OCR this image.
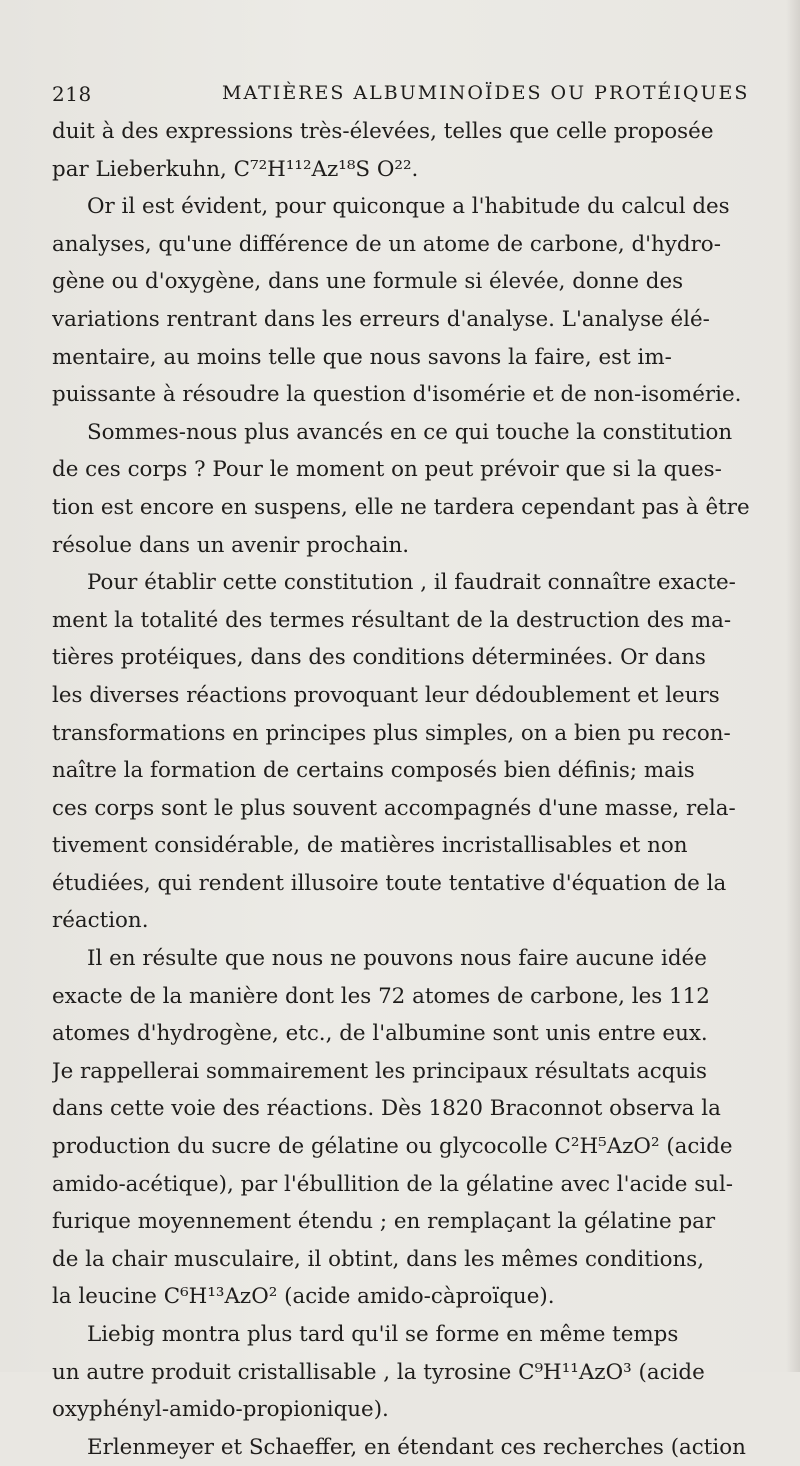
218	MATIÈRES ALBUMINOÏDES OU PROTÉIQUES
duit à des expressions très-élevées, telles que celle proposée
par Lieberkuhn, C⁷²H¹¹²Az¹⁸S O²².
Or il est évident, pour quiconque a l'habitude du calcul des
analyses, qu'une différence de un atome de carbone, d'hydro-
gène ou d'oxygène, dans une formule si élevée, donne des
variations rentrant dans les erreurs d'analyse. L'analyse élé-
mentaire, au moins telle que nous savons la faire, est im-
puissante à résoudre la question d'isomérie et de non-isomérie.
Sommes-nous plus avancés en ce qui touche la constitution
de ces corps ? Pour le moment on peut prévoir que si la ques-
tion est encore en suspens, elle ne tardera cependant pas à être
résolue dans un avenir prochain.
Pour établir cette constitution , il faudrait connaître exacte-
ment la totalité des termes résultant de la destruction des ma-
tières protéiques, dans des conditions déterminées. Or dans
les diverses réactions provoquant leur dédoublement et leurs
transformations en principes plus simples, on a bien pu recon-
naître la formation de certains composés bien définis; mais
ces corps sont le plus souvent accompagnés d'une masse, rela-
tivement considérable, de matières incristallisables et non
étudiées, qui rendent illusoire toute tentative d'équation de la
réaction.
Il en résulte que nous ne pouvons nous faire aucune idée
exacte de la manière dont les 72 atomes de carbone, les 112
atomes d'hydrogène, etc., de l'albumine sont unis entre eux.
Je rappellerai sommairement les principaux résultats acquis
dans cette voie des réactions. Dès 1820 Braconnot observa la
production du sucre de gélatine ou glycocolle C²H⁵AzO² (acide
amido-acétique), par l'ébullition de la gélatine avec l'acide sul-
furique moyennement étendu ; en remplaçant la gélatine par
de la chair musculaire, il obtint, dans les mêmes conditions,
la leucine C⁶H¹³AzO² (acide amido-càproïque).
Liebig montra plus tard qu'il se forme en même temps
un autre produit cristallisable , la tyrosine C⁹H¹¹AzO³ (acide
oxyphényl-amido-propionique).
Erlenmeyer et Schaeffer, en étendant ces recherches (action
